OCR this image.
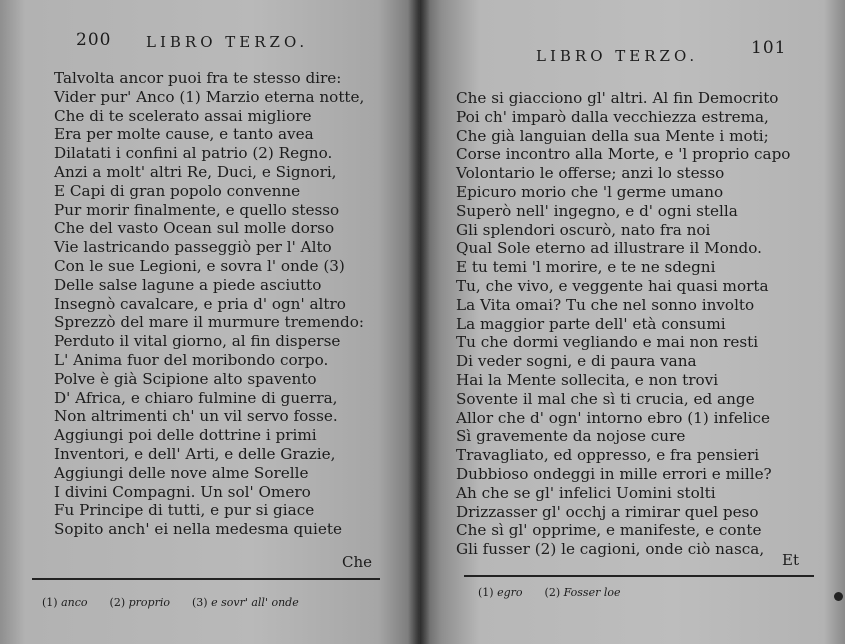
200 LIBRO TERZO.
Talvolta ancor puoi fra te stesso dire:
Vider pur' Anco (1) Marzio eterna notte,
Che di te scelerato assai migliore
Era per molte cause, e tanto avea
Dilatati i confini al patrio (2) Regno.
Anzi a molt' altri Re, Duci, e Signori,
E Capi di gran popolo convenne
Pur morir finalmente, e quello stesso
Che del vasto Ocean sul molle dorso
Vie lastricando passeggiò per l' Alto
Con le sue Legioni, e sovra l' onde (3)
Delle salse lagune a piede asciutto
Insegnò cavalcare, e pria d' ogn' altro
Sprezzò del mare il murmure tremendo:
Perduto il vital giorno, al fin disperse
L' Anima fuor del moribondo corpo.
Polve è già Scipione alto spavento
D' Africa, e chiaro fulmine di guerra,
Non altrimenti ch' un vil servo fosse.
Aggiungi poi delle dottrine i primi
Inventori, e dell' Arti, e delle Grazie,
Aggiungi delle nove alme Sorelle
I divini Compagni. Un sol' Omero
Fu Principe di tutti, e pur si giace
Sopito anch' ei nella medesma quiete
Che
(1) anco (2) proprio (3) e sovr' all' onde
LIBRO TERZO.	101
Che si giacciono gl' altri. Al fin Democrito
Poi ch' imparò dalla vecchiezza estrema,
Che già languian della sua Mente i moti;
Corse incontro alla Morte, e 'l proprio capo
Volontario le offerse; anzi lo stesso
Epicuro morio che 'l germe umano
Superò nell' ingegno, e d' ogni stella
Gli splendori oscurò, nato fra noi
Qual Sole eterno ad illustrare il Mondo.
E tu temi 'l morire, e te ne sdegni
Tu, che vivo, e veggente hai quasi morta
La Vita omai? Tu che nel sonno involto
La maggior parte dell' età consumi
Tu che dormi vegliando e mai non resti
Di veder sogni, e di paura vana
Hai la Mente sollecita, e non trovi
Sovente il mal che sì ti crucia, ed ange
Allor che d' ogn' intorno ebro (1) infelice
Sì gravemente da nojose cure
Travagliato, ed oppresso, e fra pensieri
Dubbioso ondeggi in mille errori e mille?
Ah che se gl' infelici Uomini stolti
Drizzasser gl' occhj a rimirar quel peso
Che sì gl' opprime, e manifeste, e conte
Gli fusser (2) le cagioni, onde ciò nasca,
Et
(1) egro (2) Fosser loe
